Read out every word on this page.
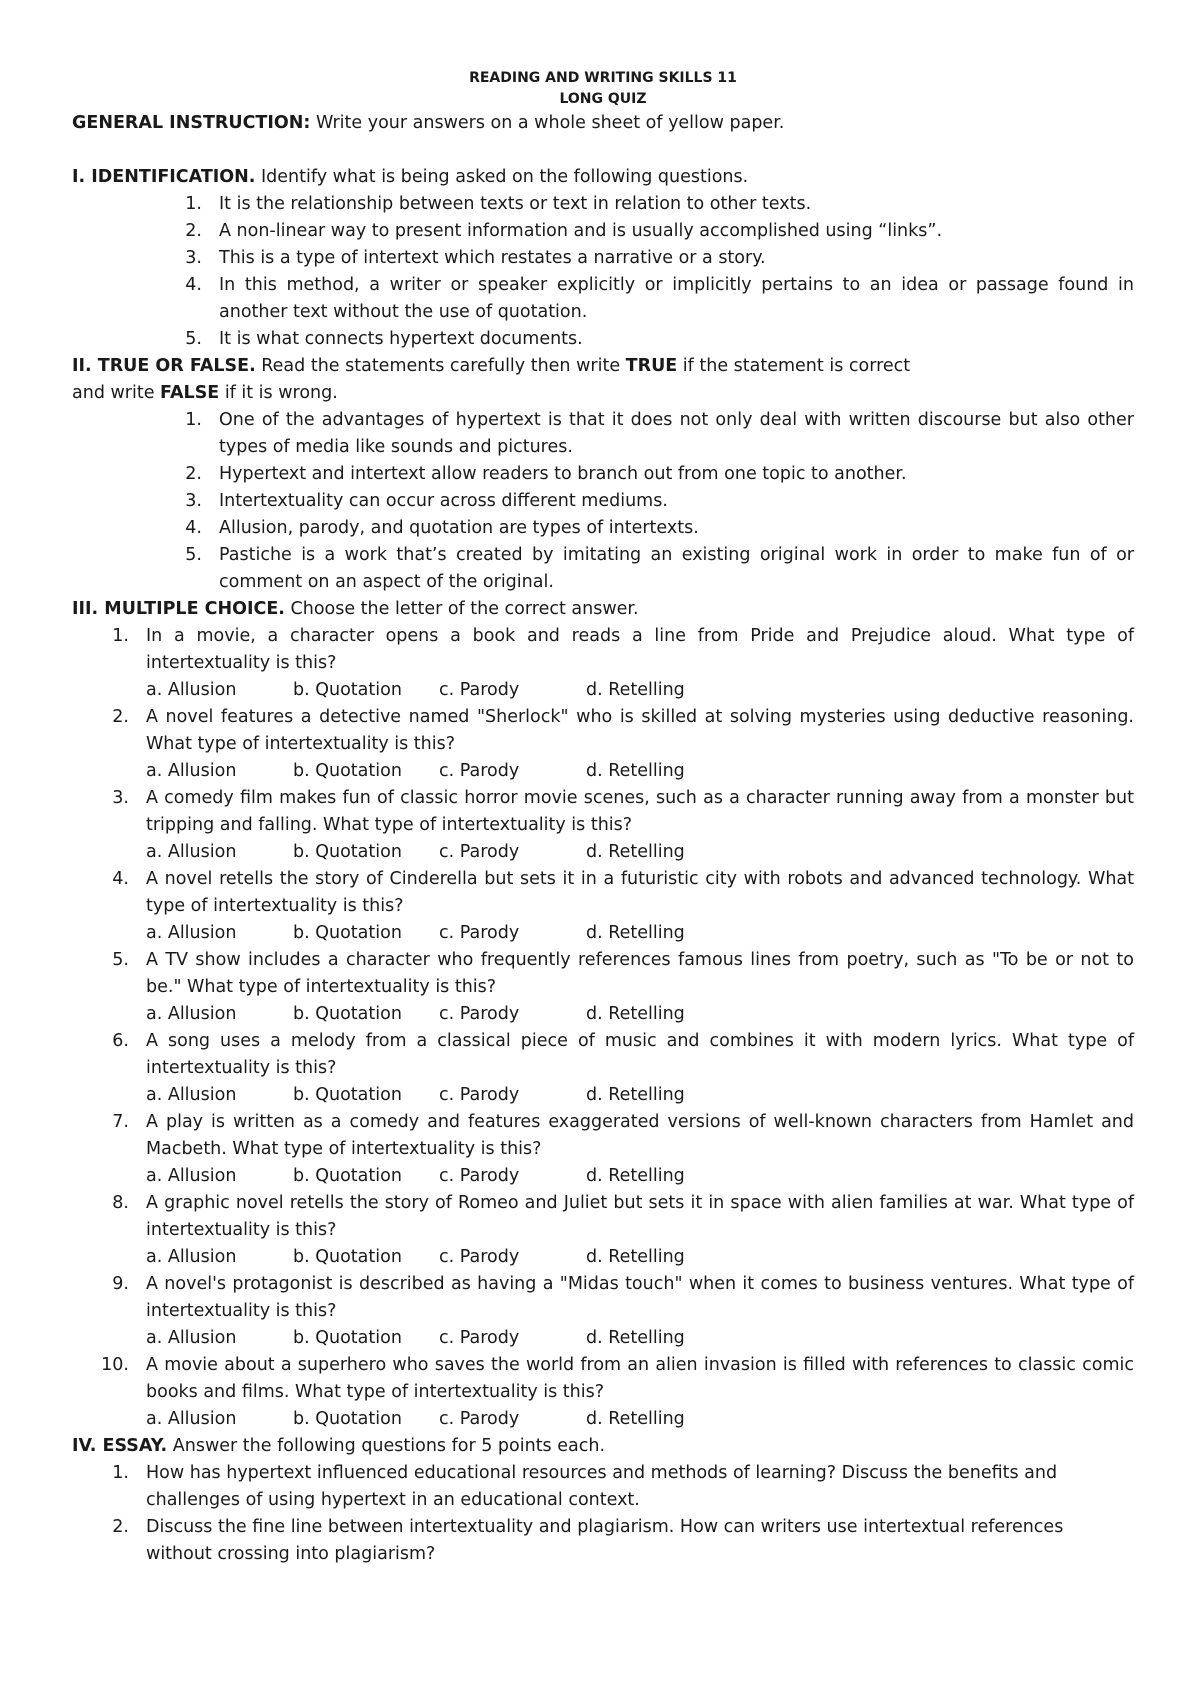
READING AND WRITING SKILLS 11
LONG QUIZ
GENERAL INSTRUCTION: Write your answers on a whole sheet of yellow paper.
I. IDENTIFICATION. Identify what is being asked on the following questions.
1. It is the relationship between texts or text in relation to other texts.
2. A non-linear way to present information and is usually accomplished using “links”.
3. This is a type of intertext which restates a narrative or a story.
4. In this method, a writer or speaker explicitly or implicitly pertains to an idea or passage found in another text without the use of quotation.
5. It is what connects hypertext documents.
II. TRUE OR FALSE. Read the statements carefully then write TRUE if the statement is correct
and write FALSE if it is wrong.
1. One of the advantages of hypertext is that it does not only deal with written discourse but also other types of media like sounds and pictures.
2. Hypertext and intertext allow readers to branch out from one topic to another.
3. Intertextuality can occur across different mediums.
4. Allusion, parody, and quotation are types of intertexts.
5. Pastiche is a work that’s created by imitating an existing original work in order to make fun of or comment on an aspect of the original.
III. MULTIPLE CHOICE. Choose the letter of the correct answer.
1. In a movie, a character opens a book and reads a line from Pride and Prejudice aloud. What type of intertextuality is this?
a. Allusion	b. Quotation c. Parody	d. Retelling
2. A novel features a detective named "Sherlock" who is skilled at solving mysteries using deductive reasoning. What type of intertextuality is this?
a. Allusion	b. Quotation c. Parody	d. Retelling
3. A comedy film makes fun of classic horror movie scenes, such as a character running away from a monster but tripping and falling. What type of intertextuality is this?
a. Allusion	b. Quotation c. Parody	d. Retelling
4. A novel retells the story of Cinderella but sets it in a futuristic city with robots and advanced technology. What type of intertextuality is this?
a. Allusion	b. Quotation c. Parody	d. Retelling
5. A TV show includes a character who frequently references famous lines from poetry, such as "To be or not to be." What type of intertextuality is this?
a. Allusion	b. Quotation c. Parody	d. Retelling
6. A song uses a melody from a classical piece of music and combines it with modern lyrics. What type of intertextuality is this?
a. Allusion	b. Quotation c. Parody	d. Retelling
7. A play is written as a comedy and features exaggerated versions of well-known characters from Hamlet and Macbeth. What type of intertextuality is this?
a. Allusion	b. Quotation c. Parody	d. Retelling
8. A graphic novel retells the story of Romeo and Juliet but sets it in space with alien families at war. What type of intertextuality is this?
a. Allusion	b. Quotation c. Parody	d. Retelling
9. A novel's protagonist is described as having a "Midas touch" when it comes to business ventures. What type of intertextuality is this?
a. Allusion	b. Quotation c. Parody	d. Retelling
10. A movie about a superhero who saves the world from an alien invasion is filled with references to classic comic books and films. What type of intertextuality is this?
a. Allusion	b. Quotation c. Parody	d. Retelling
IV. ESSAY. Answer the following questions for 5 points each.
1. How has hypertext influenced educational resources and methods of learning? Discuss the benefits and challenges of using hypertext in an educational context.
2. Discuss the fine line between intertextuality and plagiarism. How can writers use intertextual references without crossing into plagiarism?
